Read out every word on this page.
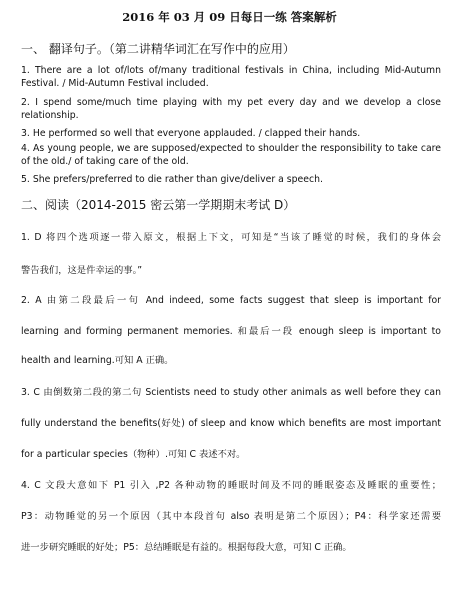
2016 年 03 月 09 日每日一练 答案解析
一、 翻译句子。（第二讲精华词汇在写作中的应用）
1. There are a lot of/lots of/many traditional festivals in China, including Mid-Autumn Festival. / Mid-Autumn Festival included.
2. I spend some/much time playing with my pet every day and we develop a close relationship.
3. He performed so well that everyone applauded. / clapped their hands.
4. As young people, we are supposed/expected to shoulder the responsibility to take care of the old./ of taking care of the old.
5. She prefers/preferred to die rather than give/deliver a speech.
二、阅读（2014-2015 密云第一学期期末考试 D）
1. D 将四个选项逐一带入原文，根据上下文，可知是“当该了睡觉的时候，我们的身体会
警告我们，这是件幸运的事。”
2. A 由第二段最后一句 And indeed, some facts suggest that sleep is important for
learning and forming permanent memories. 和最后一段 enough sleep is important to
health and learning.可知 A 正确。
3. C 由倒数第二段的第二句 Scientists need to study other animals as well before they can
fully understand the benefits(好处) of sleep and know which benefits are most important
for a particular species（物种）.可知 C 表述不对。
4. C 文段大意如下 P1 引入 ,P2 各种动物的睡眠时间及不同的睡眠姿态及睡眠的重要性；
P3：动物睡觉的另一个原因（其中本段首句 also 表明是第二个原因）；P4：科学家还需要
进一步研究睡眠的好处；P5：总结睡眠是有益的。根据每段大意，可知 C 正确。
